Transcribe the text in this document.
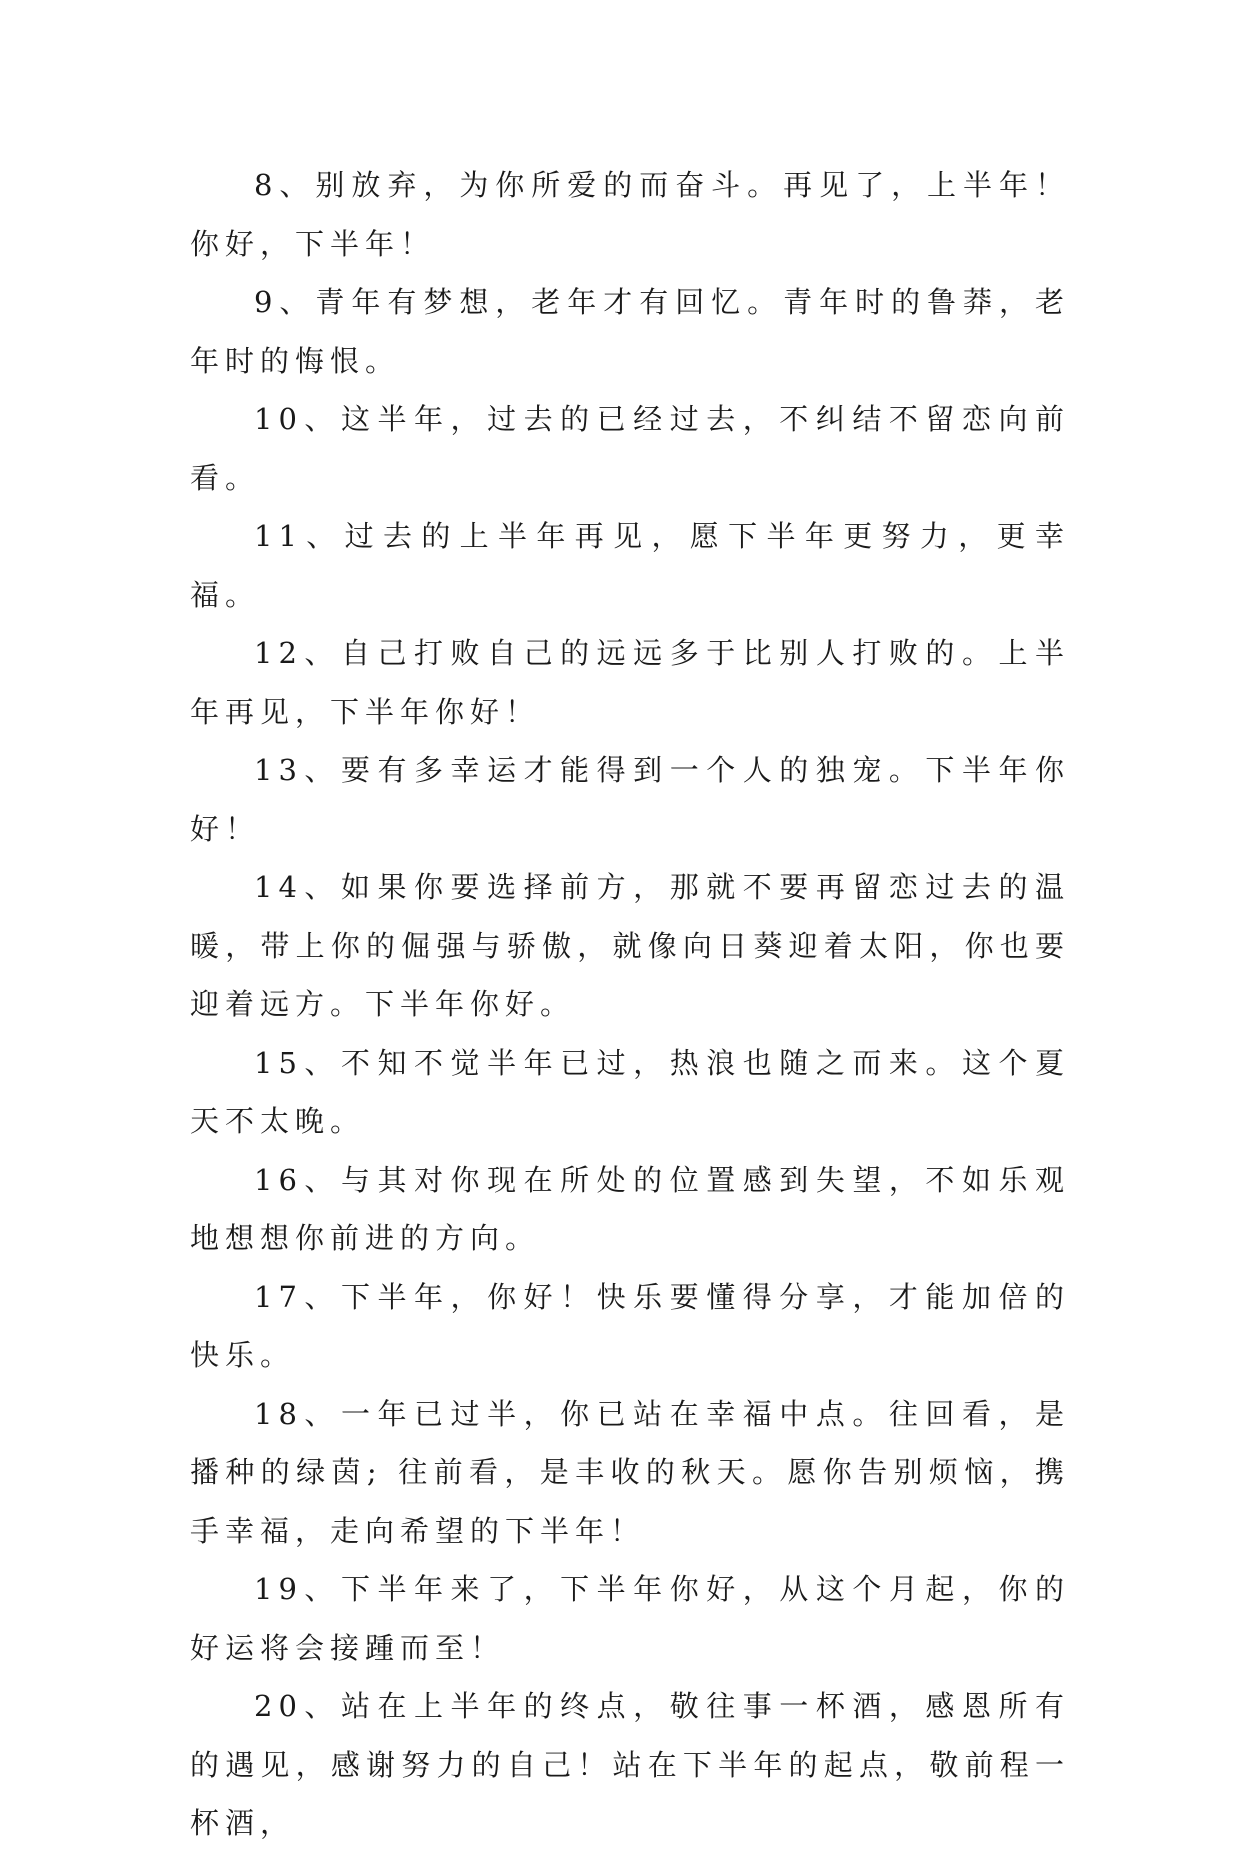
8、别放弃，为你所爱的而奋斗。再见了，上半年！你好，下半年！

9、青年有梦想，老年才有回忆。青年时的鲁莽，老年时的悔恨。

10、这半年，过去的已经过去，不纠结不留恋向前看。

11、过去的上半年再见，愿下半年更努力，更幸福。

12、自己打败自己的远远多于比别人打败的。上半年再见，下半年你好！

13、要有多幸运才能得到一个人的独宠。下半年你好！

14、如果你要选择前方，那就不要再留恋过去的温暖，带上你的倔强与骄傲，就像向日葵迎着太阳，你也要迎着远方。下半年你好。

15、不知不觉半年已过，热浪也随之而来。这个夏天不太晚。

16、与其对你现在所处的位置感到失望，不如乐观地想想你前进的方向。

17、下半年，你好！快乐要懂得分享，才能加倍的快乐。

18、一年已过半，你已站在幸福中点。往回看，是播种的绿茵; 往前看，是丰收的秋天。愿你告别烦恼，携手幸福，走向希望的下半年！

19、下半年来了，下半年你好，从这个月起，你的好运将会接踵而至！

20、站在上半年的终点，敬往事一杯酒，感恩所有的遇见，感谢努力的自己！站在下半年的起点，敬前程一杯酒，
